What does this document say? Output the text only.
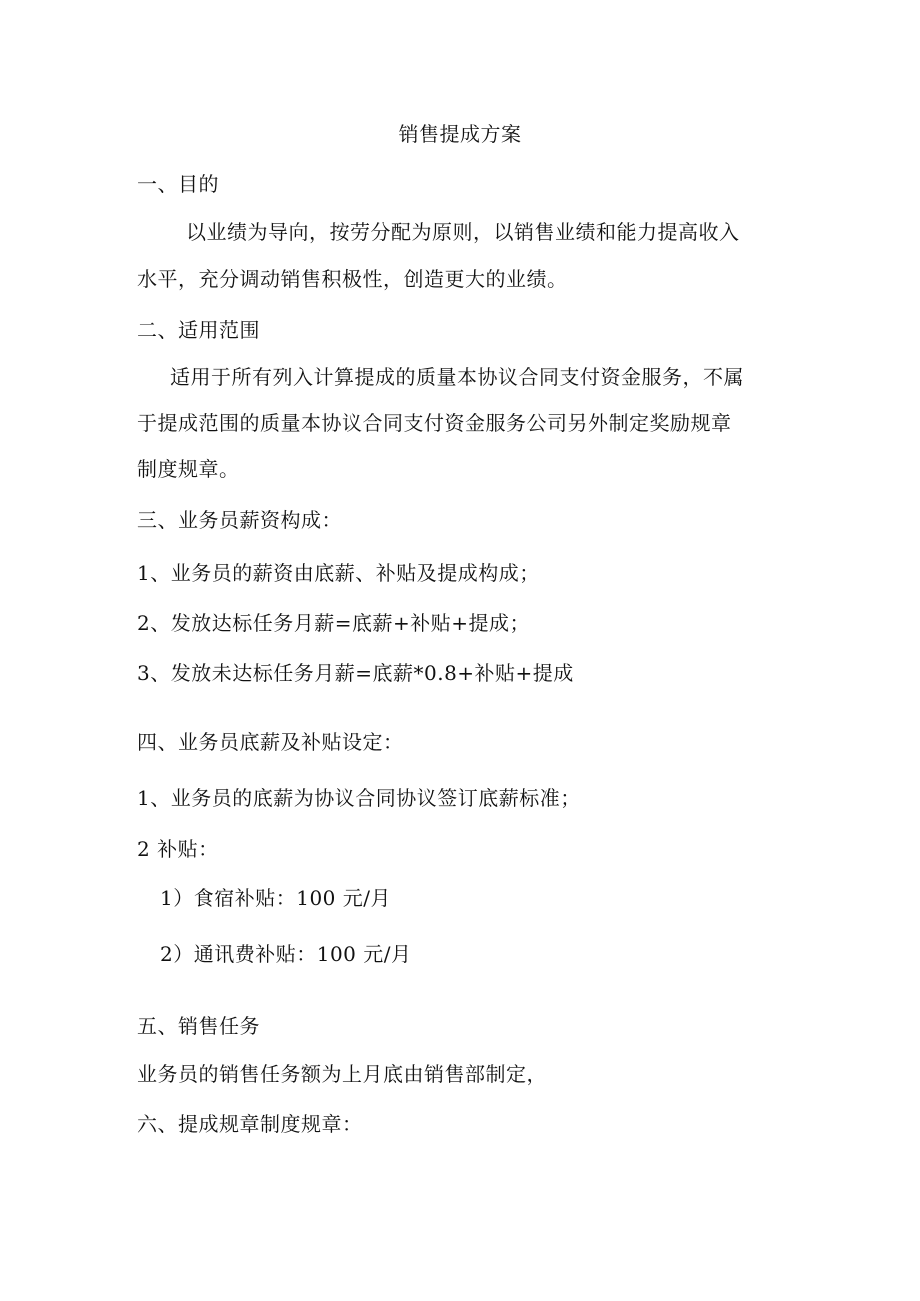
销售提成方案
一、目的
以业绩为导向，按劳分配为原则，以销售业绩和能力提高收入
水平，充分调动销售积极性，创造更大的业绩。
二、适用范围
适用于所有列入计算提成的质量本协议合同支付资金服务，不属
于提成范围的质量本协议合同支付资金服务公司另外制定奖励规章
制度规章。
三、业务员薪资构成：
1、业务员的薪资由底薪、补贴及提成构成；
2、发放达标任务月薪=底薪+补贴+提成；
3、发放未达标任务月薪=底薪*0.8+补贴+提成
四、业务员底薪及补贴设定：
1、业务员的底薪为协议合同协议签订底薪标准；
2 补贴：
1）食宿补贴：100 元/月
2）通讯费补贴：100 元/月
五、销售任务
业务员的销售任务额为上月底由销售部制定，
六、提成规章制度规章：
